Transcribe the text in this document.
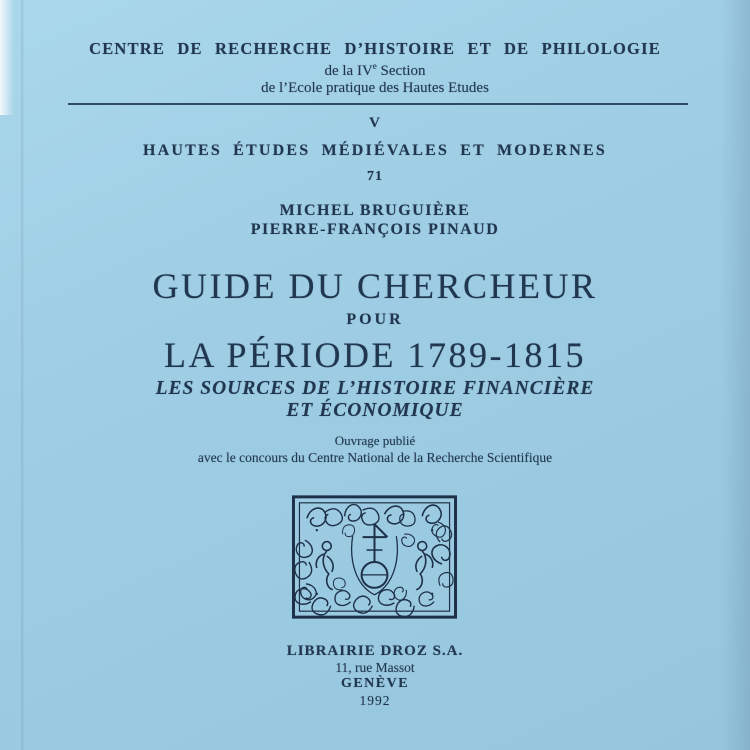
CENTRE DE RECHERCHE D’HISTOIRE ET DE PHILOLOGIE
de la IVe Section
de l’Ecole pratique des Hautes Etudes
V
HAUTES ÉTUDES MÉDIÉVALES ET MODERNES
71
MICHEL BRUGUIÈRE
PIERRE-FRANÇOIS PINAUD
GUIDE DU CHERCHEUR
POUR
LA PÉRIODE 1789-1815
LES SOURCES DE L’HISTOIRE FINANCIÈRE
ET ÉCONOMIQUE
Ouvrage publié
avec le concours du Centre National de la Recherche Scientifique
LIBRAIRIE DROZ S.A.
11, rue Massot
GENÈVE
1992
